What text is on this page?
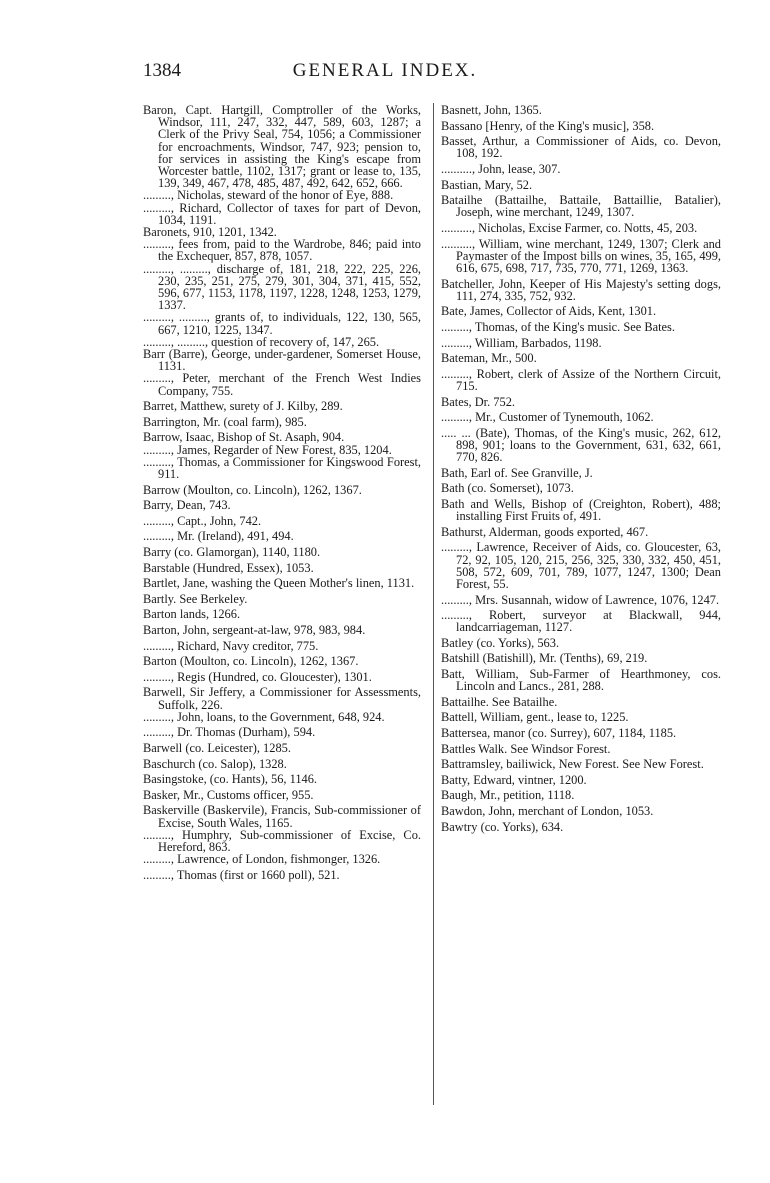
1384	GENERAL INDEX.
Baron, Capt. Hartgill, Comptroller of the Works, Windsor, 111, 247, 332, 447, 589, 603, 1287; a Clerk of the Privy Seal, 754, 1056; a Commissioner for encroachments, Windsor, 747, 923; pension to, for services in assisting the King's escape from Worcester battle, 1102, 1317; grant or lease to, 135, 139, 349, 467, 478, 485, 487, 492, 642, 652, 666.
........., Nicholas, steward of the honor of Eye, 888.
........., Richard, Collector of taxes for part of Devon, 1034, 1191.
Baronets, 910, 1201, 1342.
........., fees from, paid to the Wardrobe, 846; paid into the Exchequer, 857, 878, 1057.
........., ........., discharge of, 181, 218, 222, 225, 226, 230, 235, 251, 275, 279, 301, 304, 371, 415, 552, 596, 677, 1153, 1178, 1197, 1228, 1248, 1253, 1279, 1337.
........., ........., grants of, to individuals, 122, 130, 565, 667, 1210, 1225, 1347.
........., ........., question of recovery of, 147, 265.
Barr (Barre), George, under-gardener, Somerset House, 1131.
........., Peter, merchant of the French West Indies Company, 755.
Barret, Matthew, surety of J. Kilby, 289.
Barrington, Mr. (coal farm), 985.
Barrow, Isaac, Bishop of St. Asaph, 904.
........., James, Regarder of New Forest, 835, 1204.
........., Thomas, a Commissioner for Kingswood Forest, 911.
Barrow (Moulton, co. Lincoln), 1262, 1367.
Barry, Dean, 743.
........., Capt., John, 742.
........., Mr. (Ireland), 491, 494.
Barry (co. Glamorgan), 1140, 1180.
Barstable (Hundred, Essex), 1053.
Bartlet, Jane, washing the Queen Mother's linen, 1131.
Bartly. See Berkeley.
Barton lands, 1266.
Barton, John, sergeant-at-law, 978, 983, 984.
........., Richard, Navy creditor, 775.
Barton (Moulton, co. Lincoln), 1262, 1367.
........., Regis (Hundred, co. Gloucester), 1301.
Barwell, Sir Jeffery, a Commissioner for Assessments, Suffolk, 226.
........., John, loans, to the Government, 648, 924.
........., Dr. Thomas (Durham), 594.
Barwell (co. Leicester), 1285.
Baschurch (co. Salop), 1328.
Basingstoke, (co. Hants), 56, 1146.
Basker, Mr., Customs officer, 955.
Baskerville (Baskervile), Francis, Sub-commissioner of Excise, South Wales, 1165.
........., Humphry, Sub-commissioner of Excise, Co. Hereford, 863.
........., Lawrence, of London, fishmonger, 1326.
........., Thomas (first or 1660 poll), 521.
Basnett, John, 1365.
Bassano [Henry, of the King's music], 358.
Basset, Arthur, a Commissioner of Aids, co. Devon, 108, 192.
.........., John, lease, 307.
Bastian, Mary, 52.
Batailhe (Battailhe, Battaile, Battaillie, Batalier), Joseph, wine merchant, 1249, 1307.
.........., Nicholas, Excise Farmer, co. Notts, 45, 203.
.........., William, wine merchant, 1249, 1307; Clerk and Paymaster of the Impost bills on wines, 35, 165, 499, 616, 675, 698, 717, 735, 770, 771, 1269, 1363.
Batcheller, John, Keeper of His Majesty's setting dogs, 111, 274, 335, 752, 932.
Bate, James, Collector of Aids, Kent, 1301.
........., Thomas, of the King's music. See Bates.
........., William, Barbados, 1198.
Bateman, Mr., 500.
........., Robert, clerk of Assize of the Northern Circuit, 715.
Bates, Dr. 752.
........., Mr., Customer of Tynemouth, 1062.
..... ... (Bate), Thomas, of the King's music, 262, 612, 898, 901; loans to the Government, 631, 632, 661, 770, 826.
Bath, Earl of. See Granville, J.
Bath (co. Somerset), 1073.
Bath and Wells, Bishop of (Creighton, Robert), 488; installing First Fruits of, 491.
Bathurst, Alderman, goods exported, 467.
........., Lawrence, Receiver of Aids, co. Gloucester, 63, 72, 92, 105, 120, 215, 256, 325, 330, 332, 450, 451, 508, 572, 609, 701, 789, 1077, 1247, 1300; Dean Forest, 55.
........., Mrs. Susannah, widow of Lawrence, 1076, 1247.
........., Robert, surveyor at Blackwall, 944, landcarriageman, 1127.
Batley (co. Yorks), 563.
Batshill (Batishill), Mr. (Tenths), 69, 219.
Batt, William, Sub-Farmer of Hearthmoney, cos. Lincoln and Lancs., 281, 288.
Battailhe. See Batailhe.
Battell, William, gent., lease to, 1225.
Battersea, manor (co. Surrey), 607, 1184, 1185.
Battles Walk. See Windsor Forest.
Battramsley, bailiwick, New Forest. See New Forest.
Batty, Edward, vintner, 1200.
Baugh, Mr., petition, 1118.
Bawdon, John, merchant of London, 1053.
Bawtry (co. Yorks), 634.
